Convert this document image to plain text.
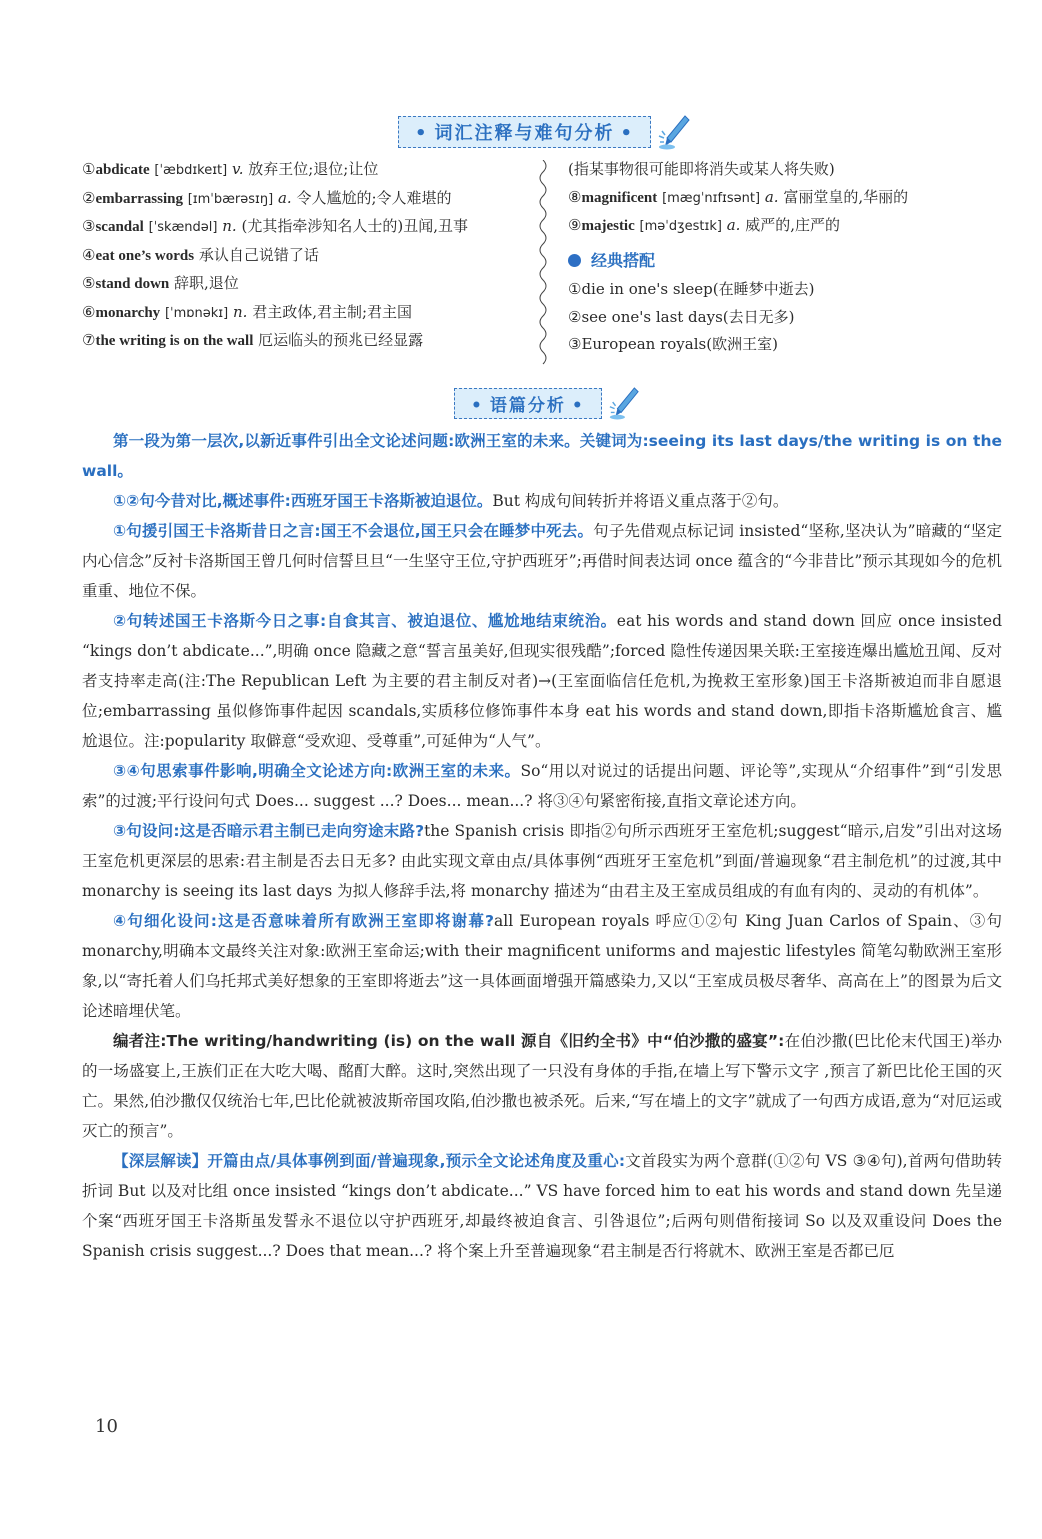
• 词汇注释与难句分析 •
①abdicate [ˈæbdɪkeɪt] v. 放弃王位;退位;让位
②embarrassing [ɪmˈbærəsɪŋ] a. 令人尴尬的;令人难堪的
③scandal [ˈskændəl] n. (尤其指牵涉知名人士的)丑闻,丑事
④eat one’s words 承认自己说错了话
⑤stand down 辞职,退位
⑥monarchy [ˈmɒnəkɪ] n. 君主政体,君主制;君主国
⑦the writing is on the wall 厄运临头的预兆已经显露
(指某事物很可能即将消失或某人将失败)
⑧magnificent [mægˈnɪfɪsənt] a. 富丽堂皇的,华丽的
⑨majestic [məˈdʒestɪk] a. 威严的,庄严的
经典搭配
①die in one's sleep(在睡梦中逝去)
②see one's last days(去日无多)
③European royals(欧洲王室)
• 语篇分析 •

第一段为第一层次,以新近事件引出全文论述问题:欧洲王室的未来。关键词为:seeing its last days/the writing is on the wall。

①②句今昔对比,概述事件:西班牙国王卡洛斯被迫退位。But 构成句间转折并将语义重点落于②句。

①句援引国王卡洛斯昔日之言:国王不会退位,国王只会在睡梦中死去。句子先借观点标记词 insisted“坚称,坚决认为”暗藏的“坚定内心信念”反衬卡洛斯国王曾几何时信誓旦旦“一生坚守王位,守护西班牙”;再借时间表达词 once 蕴含的“今非昔比”预示其现如今的危机重重、地位不保。

②句转述国王卡洛斯今日之事:自食其言、被迫退位、尴尬地结束统治。eat his words and stand down 回应 once insisted “kings don’t abdicate...”,明确 once 隐藏之意“誓言虽美好,但现实很残酷”;forced 隐性传递因果关联:王室接连爆出尴尬丑闻、反对者支持率走高(注:The Republican Left 为主要的君主制反对者)→(王室面临信任危机,为挽救王室形象)国王卡洛斯被迫而非自愿退位;embarrassing 虽似修饰事件起因 scandals,实质移位修饰事件本身 eat his words and stand down,即指卡洛斯尴尬食言、尴尬退位。注:popularity 取僻意“受欢迎、受尊重”,可延伸为“人气”。

③④句思索事件影响,明确全文论述方向:欧洲王室的未来。So“用以对说过的话提出问题、评论等”,实现从“介绍事件”到“引发思索”的过渡;平行设问句式 Does... suggest ...? Does... mean...? 将③④句紧密衔接,直指文章论述方向。

③句设问:这是否暗示君主制已走向穷途末路?the Spanish crisis 即指②句所示西班牙王室危机;suggest“暗示,启发”引出对这场王室危机更深层的思索:君主制是否去日无多? 由此实现文章由点/具体事例“西班牙王室危机”到面/普遍现象“君主制危机”的过渡,其中 monarchy is seeing its last days 为拟人修辞手法,将 monarchy 描述为“由君主及王室成员组成的有血有肉的、灵动的有机体”。

④句细化设问:这是否意味着所有欧洲王室即将谢幕?all European royals 呼应①②句 King Juan Carlos of Spain、③句 monarchy,明确本文最终关注对象:欧洲王室命运;with their magnificent uniforms and majestic lifestyles 简笔勾勒欧洲王室形象,以“寄托着人们乌托邦式美好想象的王室即将逝去”这一具体画面增强开篇感染力,又以“王室成员极尽奢华、高高在上”的图景为后文论述暗埋伏笔。

编者注:The writing/handwriting (is) on the wall 源自《旧约全书》中“伯沙撒的盛宴”:在伯沙撒(巴比伦末代国王)举办的一场盛宴上,王族们正在大吃大喝、酩酊大醉。这时,突然出现了一只没有身体的手指,在墙上写下警示文字 ,预言了新巴比伦王国的灭亡。果然,伯沙撒仅仅统治七年,巴比伦就被波斯帝国攻陷,伯沙撒也被杀死。后来,“写在墙上的文字”就成了一句西方成语,意为“对厄运或灭亡的预言”。

【深层解读】开篇由点/具体事例到面/普遍现象,预示全文论述角度及重心:文首段实为两个意群(①②句 VS ③④句),首两句借助转折词 But 以及对比组 once insisted “kings don’t abdicate...” VS have forced him to eat his words and stand down 先呈递个案“西班牙国王卡洛斯虽发誓永不退位以守护西班牙,却最终被迫食言、引咎退位”;后两句则借衔接词 So 以及双重设问 Does the Spanish crisis suggest...? Does that mean...? 将个案上升至普遍现象“君主制是否行将就木、欧洲王室是否都已厄

10
